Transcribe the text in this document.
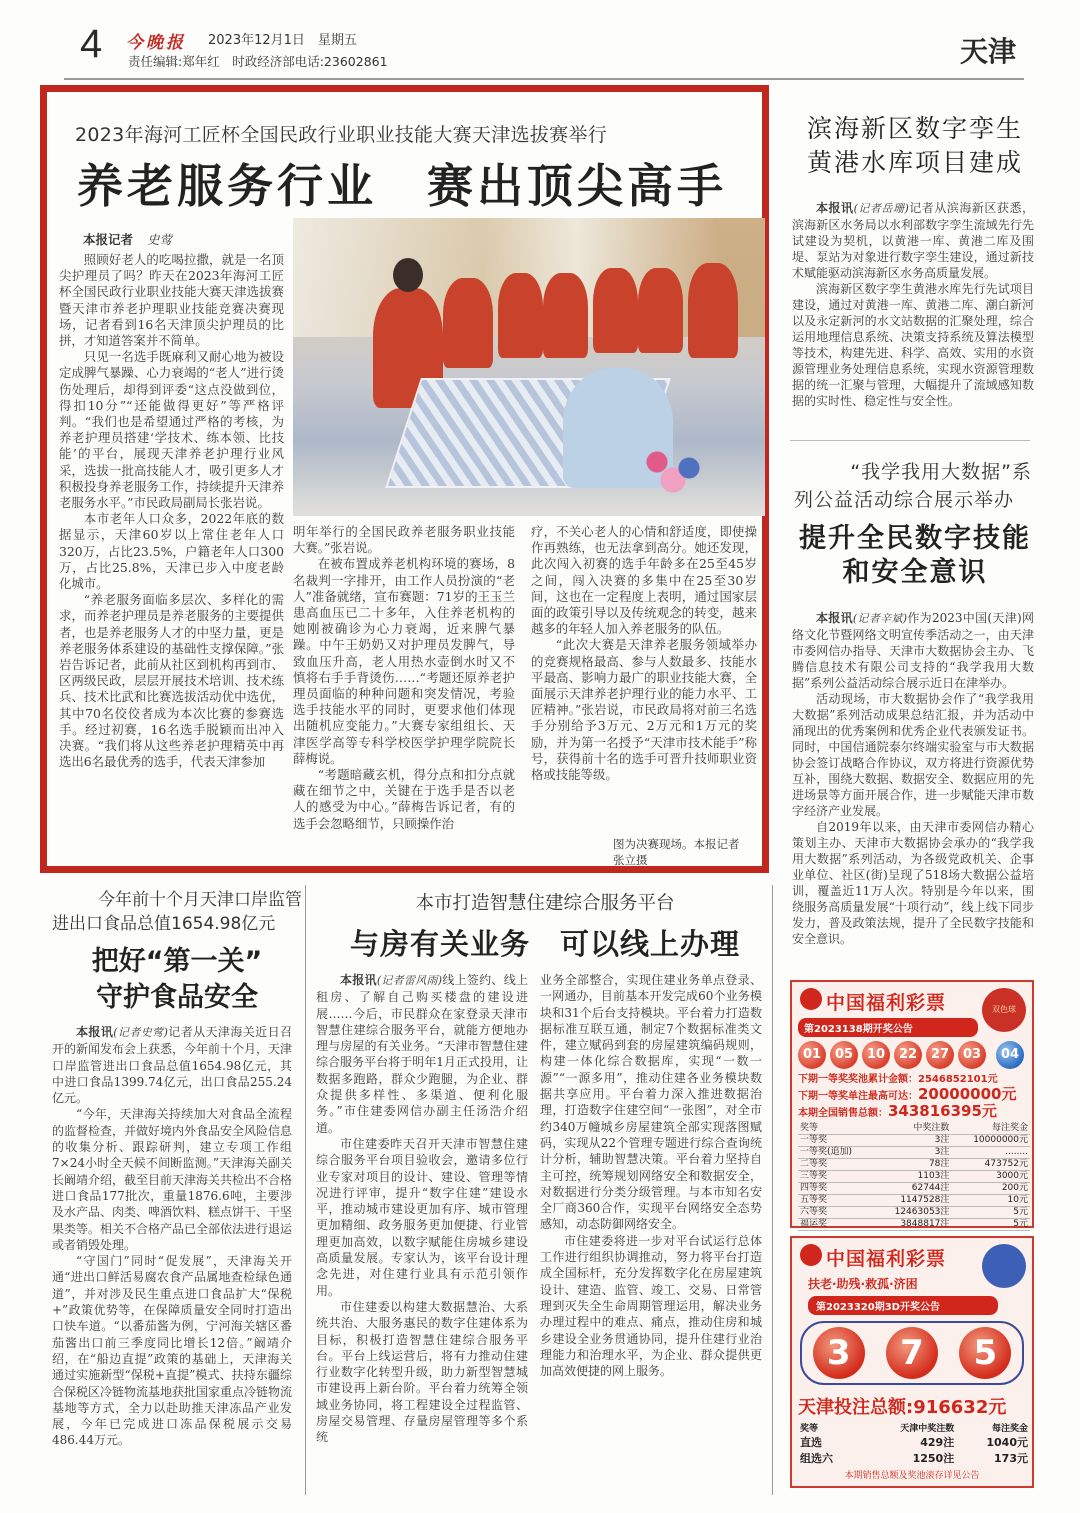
4 今晚报 2023年12月1日　星期五
责任编辑:郑年红　时政经济部电话:23602861	天津
2023年海河工匠杯全国民政行业职业技能大赛天津选拔赛举行
养老服务行业　赛出顶尖高手
本报记者 史莺

照顾好老人的吃喝拉撒，就是一名顶尖护理员了吗？昨天在2023年海河工匠杯全国民政行业职业技能大赛天津选拔赛暨天津市养老护理职业技能竞赛决赛现场，记者看到16名天津顶尖护理员的比拼，才知道答案并不简单。

只见一名选手既麻利又耐心地为被设定成脾气暴躁、心力衰竭的“老人”进行烫伤处理后，却得到评委“这点没做到位，得扣10分”“还能做得更好”等严格评判。“我们也是希望通过严格的考核，为养老护理员搭建‘学技术、练本领、比技能’的平台，展现天津养老护理行业风采，选拔一批高技能人才，吸引更多人才积极投身养老服务工作，持续提升天津养老服务水平。”市民政局副局长张岩说。

本市老年人口众多，2022年底的数据显示，天津60岁以上常住老年人口320万，占比23.5%，户籍老年人口300万，占比25.8%，天津已步入中度老龄化城市。

“养老服务面临多层次、多样化的需求，而养老护理员是养老服务的主要提供者，也是养老服务人才的中坚力量，更是养老服务体系建设的基础性支撑保障。”张岩告诉记者，此前从社区到机构再到市、区两级民政，层层开展技术培训、技术练兵、技术比武和比赛选拔活动优中选优，其中70名佼佼者成为本次比赛的参赛选手。经过初赛，16名选手脱颖而出冲入决赛。“我们将从这些养老护理精英中再选出6名最优秀的选手，代表天津参加

明年举行的全国民政养老服务职业技能大赛。”张岩说。

在被布置成养老机构环境的赛场，8名裁判一字排开，由工作人员扮演的“老人”准备就绪，宣布赛题：71岁的王玉兰患高血压已二十多年，入住养老机构的她刚被确诊为心力衰竭，近来脾气暴躁。中午王奶奶又对护理员发脾气，导致血压升高，老人用热水壶倒水时又不慎将右手手背烫伤……“考题还原养老护理员面临的种种问题和突发情况，考验选手技能水平的同时，更要求他们体现出随机应变能力。”大赛专家组组长、天津医学高等专科学校医学护理学院院长薛梅说。

“考题暗藏玄机，得分点和扣分点就藏在细节之中，关键在于选手是否以老人的感受为中心。”薛梅告诉记者，有的选手会忽略细节，只顾操作治

疗，不关心老人的心情和舒适度，即使操作再熟练，也无法拿到高分。她还发现，此次闯入初赛的选手年龄多在25至45岁之间，闯入决赛的多集中在25至30岁间，这也在一定程度上表明，通过国家层面的政策引导以及传统观念的转变，越来越多的年轻人加入养老服务的队伍。

“此次大赛是天津养老服务领域举办的竞赛规格最高、参与人数最多、技能水平最高、影响力最广的职业技能大赛，全面展示天津养老护理行业的能力水平、工匠精神。”张岩说，市民政局将对前三名选手分别给予3万元、2万元和1万元的奖励，并为第一名授予“天津市技术能手”称号，获得前十名的选手可晋升技师职业资格或技能等级。

图为决赛现场。本报记者　张立摄
滨海新区数字孪生
黄港水库项目建成

本报讯(记者岳珊)记者从滨海新区获悉，滨海新区水务局以水利部数字孪生流域先行先试建设为契机，以黄港一库、黄港二库及围堤、泵站为对象进行数字孪生建设，通过新技术赋能驱动滨海新区水务高质量发展。

滨海新区数字孪生黄港水库先行先试项目建设，通过对黄港一库、黄港二库、潮白新河以及永定新河的水文站数据的汇聚处理，综合运用地理信息系统、决策支持系统及算法模型等技术，构建先进、科学、高效、实用的水资源管理业务处理信息系统，实现水资源管理数据的统一汇聚与管理，大幅提升了流域感知数据的实时性、稳定性与安全性。

“我学我用大数据”系
列公益活动综合展示举办
提升全民数字技能
和安全意识

本报讯(记者辛斌)作为2023中国(天津)网络文化节暨网络文明宣传季活动之一，由天津市委网信办指导、天津市大数据协会主办、飞腾信息技术有限公司支持的“我学我用大数据”系列公益活动综合展示近日在津举办。

活动现场，市大数据协会作了“我学我用大数据”系列活动成果总结汇报，并为活动中涌现出的优秀案例和优秀企业代表颁发证书。同时，中国信通院泰尔终端实验室与市大数据协会签订战略合作协议，双方将进行资源优势互补，围绕大数据、数据安全、数据应用的先进场景等方面开展合作，进一步赋能天津市数字经济产业发展。

自2019年以来，由天津市委网信办精心策划主办、天津市大数据协会承办的“我学我用大数据”系列活动，为各级党政机关、企事业单位、社区(街)呈现了518场大数据公益培训，覆盖近11万人次。特别是今年以来，围绕服务高质量发展“十项行动”，线上线下同步发力，普及政策法规，提升了全民数字技能和安全意识。

今年前十个月天津口岸监管
进出口食品总值1654.98亿元
把好“第一关”
守护食品安全

本报讯(记者史莺)记者从天津海关近日召开的新闻发布会上获悉，今年前十个月，天津口岸监管进出口食品总值1654.98亿元，其中进口食品1399.74亿元，出口食品255.24亿元。

“今年，天津海关持续加大对食品全流程的监督检查，并做好境内外食品安全风险信息的收集分析、跟踪研判，建立专项工作组7×24小时全天候不间断监测。”天津海关副关长阚靖介绍，截至目前天津海关共检出不合格进口食品177批次，重量1876.6吨，主要涉及水产品、肉类、啤酒饮料、糕点饼干、干坚果类等。相关不合格产品已全部依法进行退运或者销毁处理。

“守国门”同时“促发展”，天津海关开通“进出口鲜活易腐农食产品属地查检绿色通道”，并对涉及民生重点进口食品扩大“保税+”政策优势等，在保障质量安全同时打造出口快车道。“以番茄酱为例，宁河海关辖区番茄酱出口前三季度同比增长12倍。”阚靖介绍，在“船边直提”政策的基础上，天津海关通过实施新型“保税+直提”模式、扶持东疆综合保税区冷链物流基地获批国家重点冷链物流基地等方式，全力以赴助推天津冻品产业发展，今年已完成进口冻品保税展示交易486.44万元。

本市打造智慧住建综合服务平台
与房有关业务　可以线上办理

本报讯(记者雷风雨)线上签约、线上租房、了解自己购买楼盘的建设进展……今后，市民群众在家登录天津市智慧住建综合服务平台，就能方便地办理与房屋的有关业务。“天津市智慧住建综合服务平台将于明年1月正式投用，让数据多跑路，群众少跑腿，为企业、群众提供多样性、多渠道、便利化服务。”市住建委网信办副主任汤浩介绍道。

市住建委昨天召开天津市智慧住建综合服务平台项目验收会，邀请多位行业专家对项目的设计、建设、管理等情况进行评审，提升“数字住建”建设水平，推动城市建设更加有序、城市管理更加精细、政务服务更加便捷、行业管理更加高效，以数字赋能住房城乡建设高质量发展。专家认为，该平台设计理念先进，对住建行业具有示范引领作用。

市住建委以构建大数据慧治、大系统共治、大服务惠民的数字住建体系为目标，积极打造智慧住建综合服务平台。平台上线运营后，将有力推动住建行业数字化转型升级，助力新型智慧城市建设再上新台阶。平台着力统筹全领域业务协同，将工程建设全过程监管、房屋交易管理、存量房屋管理等多个系统

业务全部整合，实现住建业务单点登录、一网通办，目前基本开发完成60个业务模块和31个后台支持模块。平台着力打造数据标准互联互通，制定7个数据标准类文件，建立赋码到套的房屋建筑编码规则，构建一体化综合数据库，实现“一数一源”“一源多用”，推动住建各业务模块数据共享应用。平台着力深入推进数据治理，打造数字住建空间“一张图”，对全市约340万幢城乡房屋建筑全部实现落图赋码，实现从22个管理专题进行综合查询统计分析，辅助智慧决策。平台着力坚持自主可控，统筹规划网络安全和数据安全，对数据进行分类分级管理。与本市知名安全厂商360合作，实现平台网络安全态势感知，动态防御网络安全。

市住建委将进一步对平台试运行总体工作进行组织协调推动，努力将平台打造成全国标杆，充分发挥数字化在房屋建筑设计、建造、监管、竣工、交易、日常管理到灭失全生命周期管理运用，解决业务办理过程中的难点、痛点，推动住房和城乡建设全业务贯通协同，提升住建行业治理能力和治理水平，为企业、群众提供更加高效便捷的网上服务。

中国福利彩票	双色球
第2023138期开奖公告
01	05	10	22	27	03	04
下期一等奖奖池累计金额：2546852101元
下期一等奖单注最高可达：20000000元
本期全国销售总额：343816395元
奖等	中奖注数	每注奖金
一等奖	3注	10000000元
一等奖(追加)	3注	........
二等奖	78注	473752元
三等奖	1103注	3000元
四等奖	62744注	200元
五等奖	1147528注	10元
六等奖	12463053注	5元
福运奖	3848817注	5元
中国福利彩票
扶老·助残·救孤·济困
第2023320期3D开奖公告
3	7	5
天津投注总额:916632元
奖等	天津中奖注数	每注奖金
直选	429注	1040元
组选六	1250注	173元
本期销售总额及奖池滚存详见公告
